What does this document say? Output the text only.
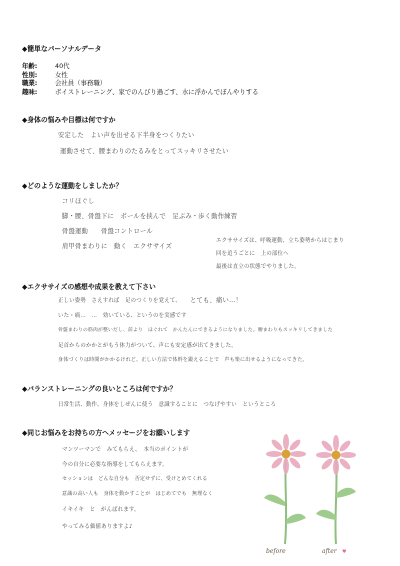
◆簡単なパーソナルデータ
年齢:	40代
性別:	女性
職業:	会社員（事務職）
趣味:	ボイストレーニング、家でのんびり過ごす、水に浮かんでぼんやりする
◆身体の悩みや目標は何ですか
安定した　よい声を出せる下半身をつくりたい
運動させて、腰まわりのたるみをとってスッキリさせたい
◆どのような運動をしましたか？
コリほぐし
脚・腰、骨盤下に　ボールを挟んで　足ぶみ・歩く動作練習
骨盤運動　　骨盤コントロール
肩甲骨まわりに　動く　エクササイズ
エクササイズは、呼吸運動、立ち姿勢からはじまり
回を追うごとに　上の部位へ
最後は直立の状態でやりました。
◆エクササイズの感想や成果を教えて下さい
正しい姿勢　さえすれば　足のつくりを覚えて、 とても、痛い…！
いた・痛…　…　効いている、というのを実感です
骨盤まわりの筋肉が整いだし、前より　ほぐれて　かんたんにできるようになりました。腰まわりもスッキリしてきました
足首からのかかとがもう体力がついて、声にも安定感が出てきました。
身体づくりは時間がかかるけれど、正しい方法で体幹を鍛えることで　声も楽に出せるようになってきた。
◆バランストレーニングの良いところは何ですか？
日常生活、動作、身体をしぜんに使う　意識することに　つなげやすい　というところ
◆同じお悩みをお持ちの方へメッセージをお願いします
マンツーマンで　みてもらえ、　本当のポイントが
今の自分に必要な指導をしてもらえます。
セッションは　どんな自分も　否定せずに、受けとめてくれる
意識の高い人も　身体を動かすことが　はじめてでも　無理なく
イキイキ　と　がんばれます。
やってみる価値ありますよ♪
before	after ♥
